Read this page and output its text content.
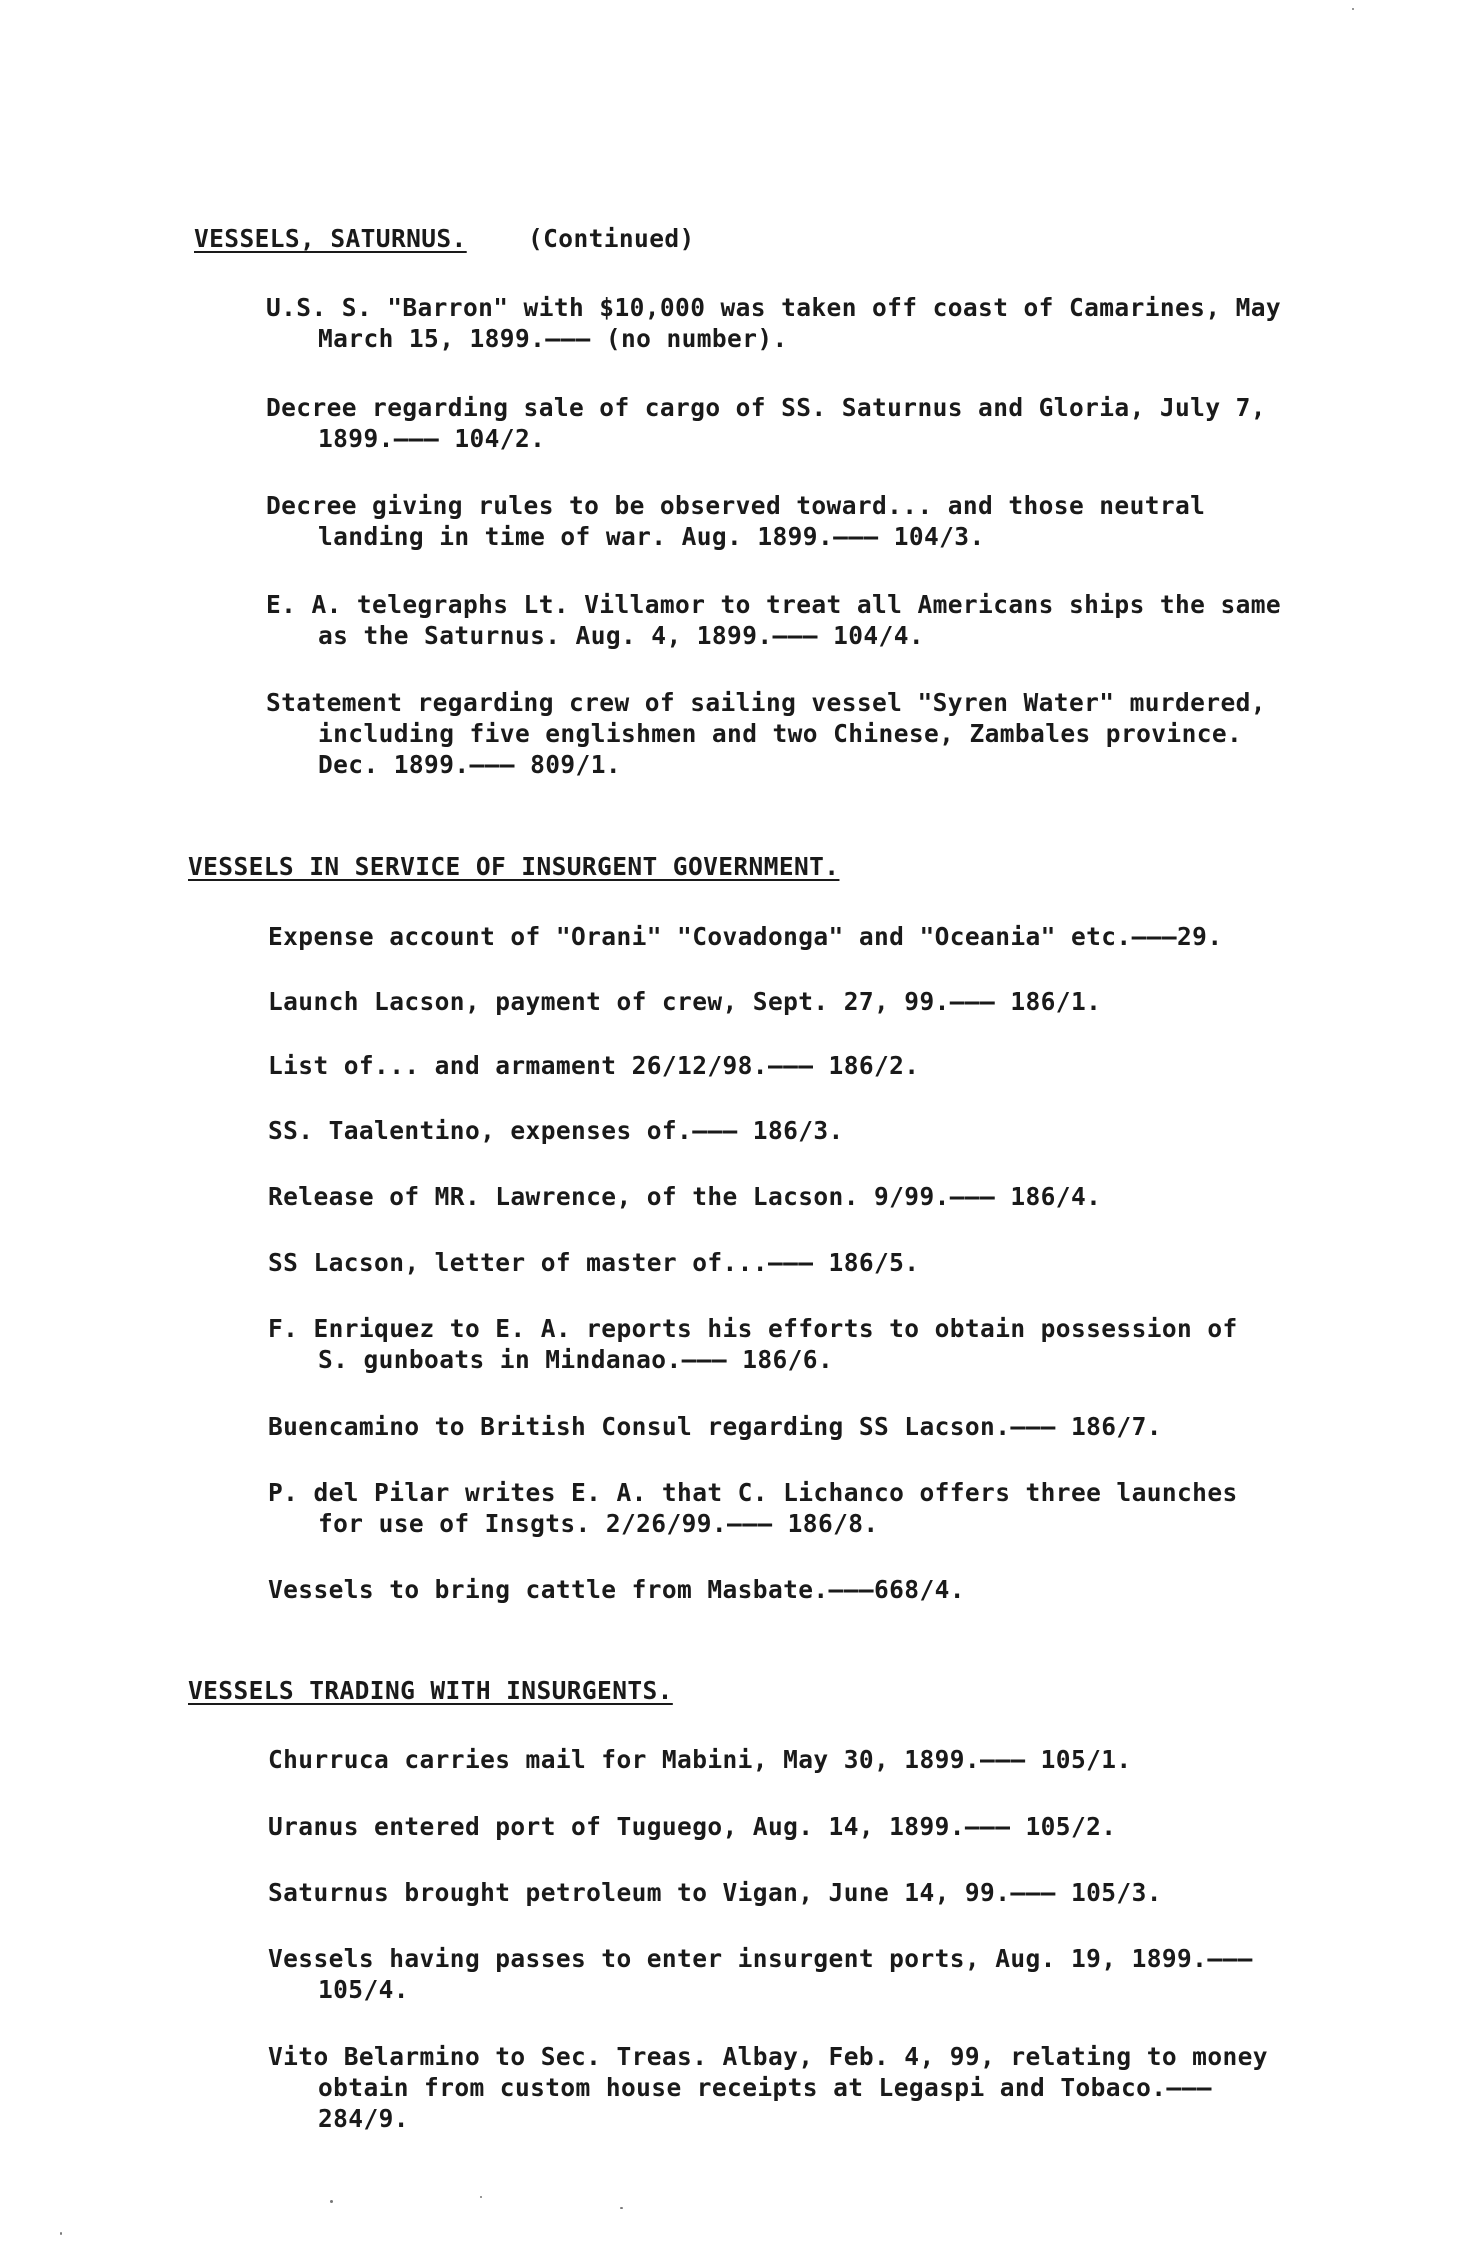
VESSELS, SATURNUS.	(Continued)
U.S. S. "Barron" with $10,000 was taken off coast of Camarines, May
March 15, 1899.——— (no number).
Decree regarding sale of cargo of SS. Saturnus and Gloria, July 7,
1899.——— 104/2.
Decree giving rules to be observed toward... and those neutral
landing in time of war. Aug. 1899.——— 104/3.
E. A. telegraphs Lt. Villamor to treat all Americans ships the same
as the Saturnus. Aug. 4, 1899.——— 104/4.
Statement regarding crew of sailing vessel "Syren Water" murdered,
including five englishmen and two Chinese, Zambales province.
Dec. 1899.——— 809/1.
VESSELS IN SERVICE OF INSURGENT GOVERNMENT.
Expense account of "Orani" "Covadonga" and "Oceania" etc.———29.
Launch Lacson, payment of crew, Sept. 27, 99.——— 186/1.
List of... and armament 26/12/98.——— 186/2.
SS. Taalentino, expenses of.——— 186/3.
Release of MR. Lawrence, of the Lacson. 9/99.——— 186/4.
SS Lacson, letter of master of...——— 186/5.
F. Enriquez to E. A. reports his efforts to obtain possession of
S. gunboats in Mindanao.——— 186/6.
Buencamino to British Consul regarding SS Lacson.——— 186/7.
P. del Pilar writes E. A. that C. Lichanco offers three launches
for use of Insgts. 2/26/99.——— 186/8.
Vessels to bring cattle from Masbate.———668/4.
VESSELS TRADING WITH INSURGENTS.
Churruca carries mail for Mabini, May 30, 1899.——— 105/1.
Uranus entered port of Tuguego, Aug. 14, 1899.——— 105/2.
Saturnus brought petroleum to Vigan, June 14, 99.——— 105/3.
Vessels having passes to enter insurgent ports, Aug. 19, 1899.———
105/4.
Vito Belarmino to Sec. Treas. Albay, Feb. 4, 99, relating to money
obtain from custom house receipts at Legaspi and Tobaco.———
284/9.
